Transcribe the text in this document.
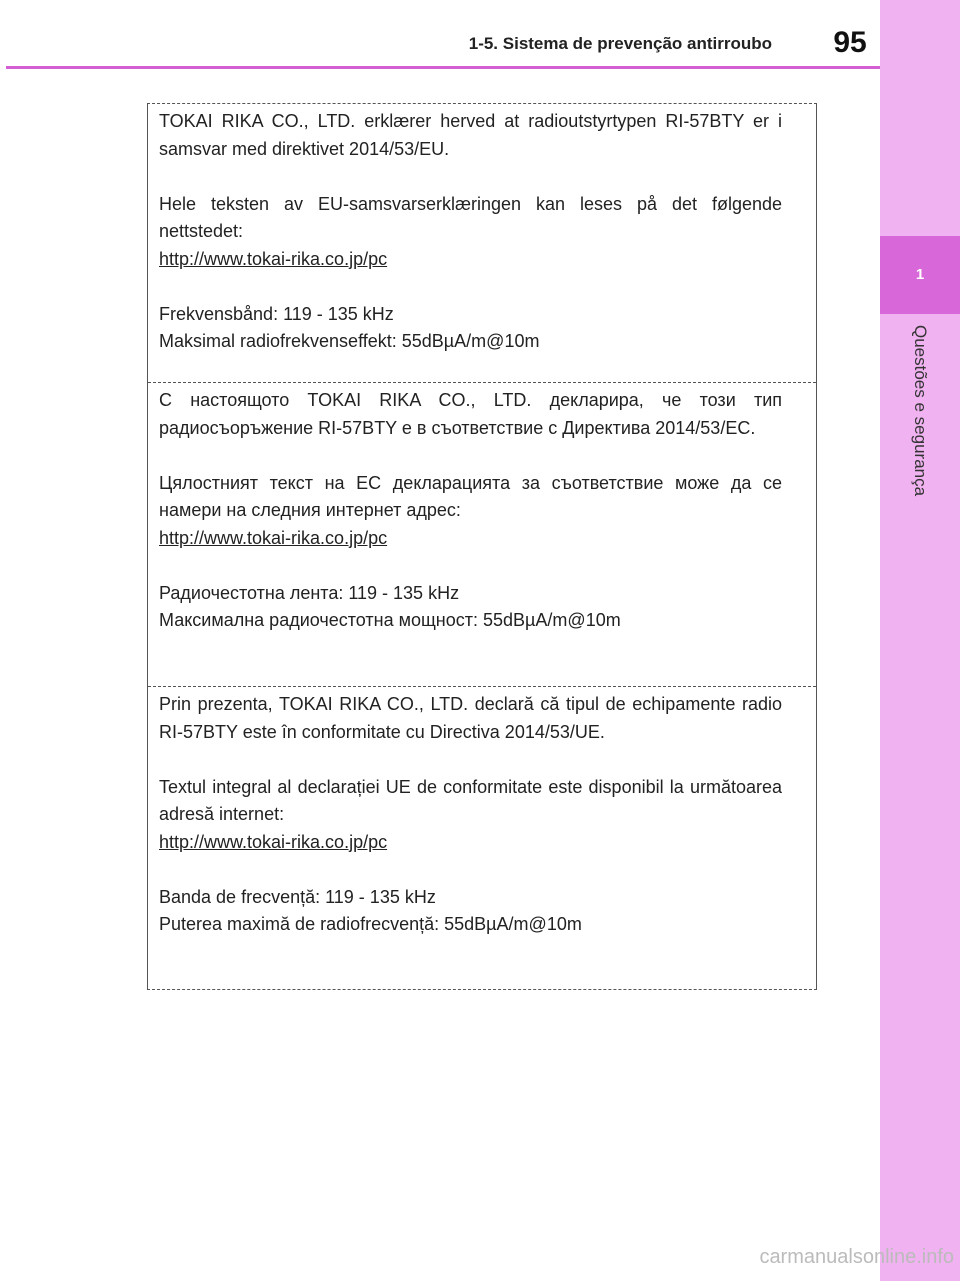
1-5. Sistema de prevenção antirroubo	95
1
Questões e segurança

TOKAI RIKA CO., LTD. erklærer herved at radioutstyrtypen RI-57BTY er i samsvar med direktivet 2014/53/EU.

Hele teksten av EU-samsvarserklæringen kan leses på det følgende nettstedet:
http://www.tokai-rika.co.jp/pc

Frekvensbånd: 119 - 135 kHz
Maksimal radiofrekvenseffekt: 55dBµA/m@10m

С настоящото TOKAI RIKA CO., LTD. декларира, че този тип радиосъоръжение RI-57BTY е в съответствие с Директива 2014/53/ЕС.

Цялостният текст на ЕС декларацията за съответствие може да се намери на следния интернет адрес:
http://www.tokai-rika.co.jp/pc

Радиочестотна лента: 119 - 135 kHz
Максимална радиочестотна мощност: 55dBµA/m@10m

Prin prezenta, TOKAI RIKA CO., LTD. declară că tipul de echipamente radio RI-57BTY este în conformitate cu Directiva 2014/53/UE.

Textul integral al declarației UE de conformitate este disponibil la următoarea adresă internet:
http://www.tokai-rika.co.jp/pc

Banda de frecvență: 119 - 135 kHz
Puterea maximă de radiofrecvență: 55dBµA/m@10m

carmanualsonline.info
